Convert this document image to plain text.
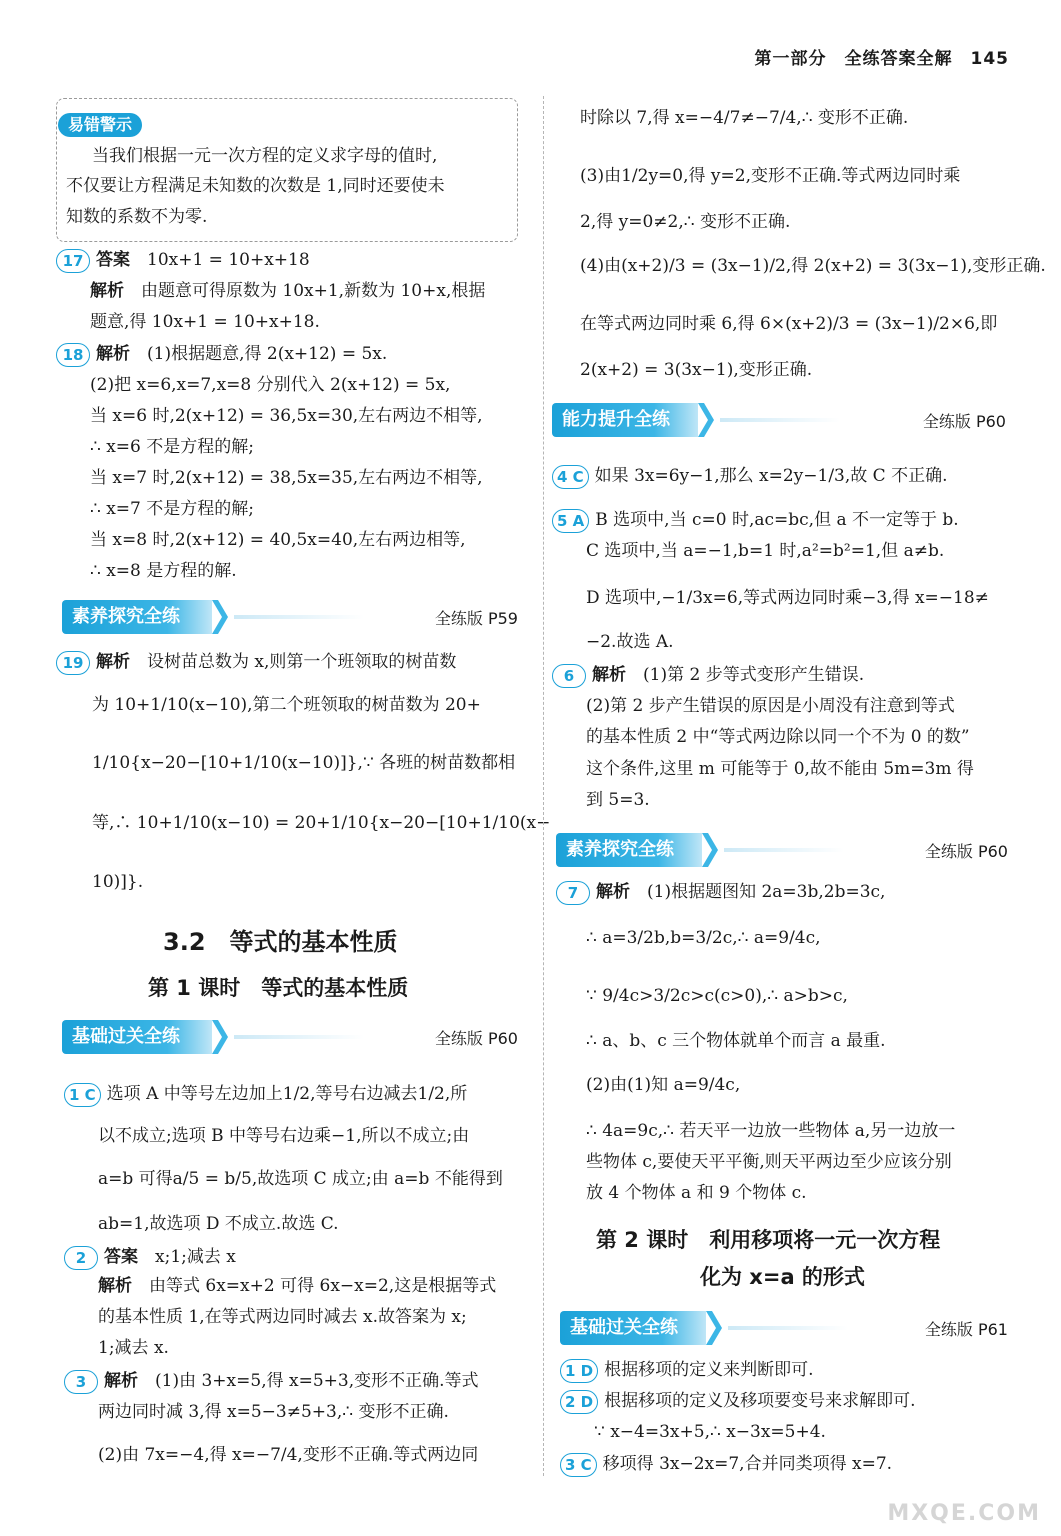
第一部分　全练答案全解　145
易错警示
当我们根据一元一次方程的定义求字母的值时,
不仅要让方程满足未知数的次数是 1,同时还要使未
知数的系数不为零.
17 答案　 10x+1 = 10+x+18
解析　 由题意可得原数为 10x+1,新数为 10+x,根据
题意,得 10x+1 = 10+x+18.
18 解析　 (1)根据题意,得 2(x+12) = 5x.
(2)把 x=6,x=7,x=8 分别代入 2(x+12) = 5x,
当 x=6 时,2(x+12) = 36,5x=30,左右两边不相等,
∴ x=6 不是方程的解;
当 x=7 时,2(x+12) = 38,5x=35,左右两边不相等,
∴ x=7 不是方程的解;
当 x=8 时,2(x+12) = 40,5x=40,左右两边相等,
∴ x=8 是方程的解.
素养探究全练	全练版 P59
19 解析　 设树苗总数为 x,则第一个班领取的树苗数
为 10+1/10(x−10),第二个班领取的树苗数为 20+
1/10{x−20−[10+1/10(x−10)]},∵ 各班的树苗数都相
等,∴ 10+1/10(x−10) = 20+1/10{x−20−[10+1/10(x−
10)]}.
3.2　等式的基本性质
第 1 课时　等式的基本性质
基础过关全练	全练版 P60
1 C 选项 A 中等号左边加上1/2,等号右边减去1/2,所
以不成立;选项 B 中等号右边乘−1,所以不成立;由
a=b 可得a/5 = b/5,故选项 C 成立;由 a=b 不能得到
ab=1,故选项 D 不成立.故选 C.
2 答案　 x;1;减去 x
解析　 由等式 6x=x+2 可得 6x−x=2,这是根据等式
的基本性质 1,在等式两边同时减去 x.故答案为 x;
1;减去 x.
3 解析　 (1)由 3+x=5,得 x=5+3,变形不正确.等式
两边同时减 3,得 x=5−3≠5+3,∴ 变形不正确.
(2)由 7x=−4,得 x=−7/4,变形不正确.等式两边同
时除以 7,得 x=−4/7≠−7/4,∴ 变形不正确.
(3)由1/2y=0,得 y=2,变形不正确.等式两边同时乘
2,得 y=0≠2,∴ 变形不正确.
(4)由(x+2)/3 = (3x−1)/2,得 2(x+2) = 3(3x−1),变形正确.
在等式两边同时乘 6,得 6×(x+2)/3 = (3x−1)/2×6,即
2(x+2) = 3(3x−1),变形正确.
能力提升全练	全练版 P60
4 C 如果 3x=6y−1,那么 x=2y−1/3,故 C 不正确.
5 A B 选项中,当 c=0 时,ac=bc,但 a 不一定等于 b.
C 选项中,当 a=−1,b=1 时,a²=b²=1,但 a≠b.
D 选项中,−1/3x=6,等式两边同时乘−3,得 x=−18≠
−2.故选 A.
6 解析　 (1)第 2 步等式变形产生错误.
(2)第 2 步产生错误的原因是小周没有注意到等式
的基本性质 2 中“等式两边除以同一个不为 0 的数”
这个条件,这里 m 可能等于 0,故不能由 5m=3m 得
到 5=3.
素养探究全练	全练版 P60
7 解析　 (1)根据题图知 2a=3b,2b=3c,
∴ a=3/2b,b=3/2c,∴ a=9/4c,
∵ 9/4c>3/2c>c(c>0),∴ a>b>c,
∴ a、b、c 三个物体就单个而言 a 最重.
(2)由(1)知 a=9/4c,
∴ 4a=9c,∴ 若天平一边放一些物体 a,另一边放一
些物体 c,要使天平平衡,则天平两边至少应该分别
放 4 个物体 a 和 9 个物体 c.
第 2 课时　利用移项将一元一次方程
化为 x=a 的形式
基础过关全练	全练版 P61
1 D 根据移项的定义来判断即可.
2 D 根据移项的定义及移项要变号来求解即可.
∵ x−4=3x+5,∴ x−3x=5+4.
3 C 移项得 3x−2x=7,合并同类项得 x=7.
MXQE.COM
